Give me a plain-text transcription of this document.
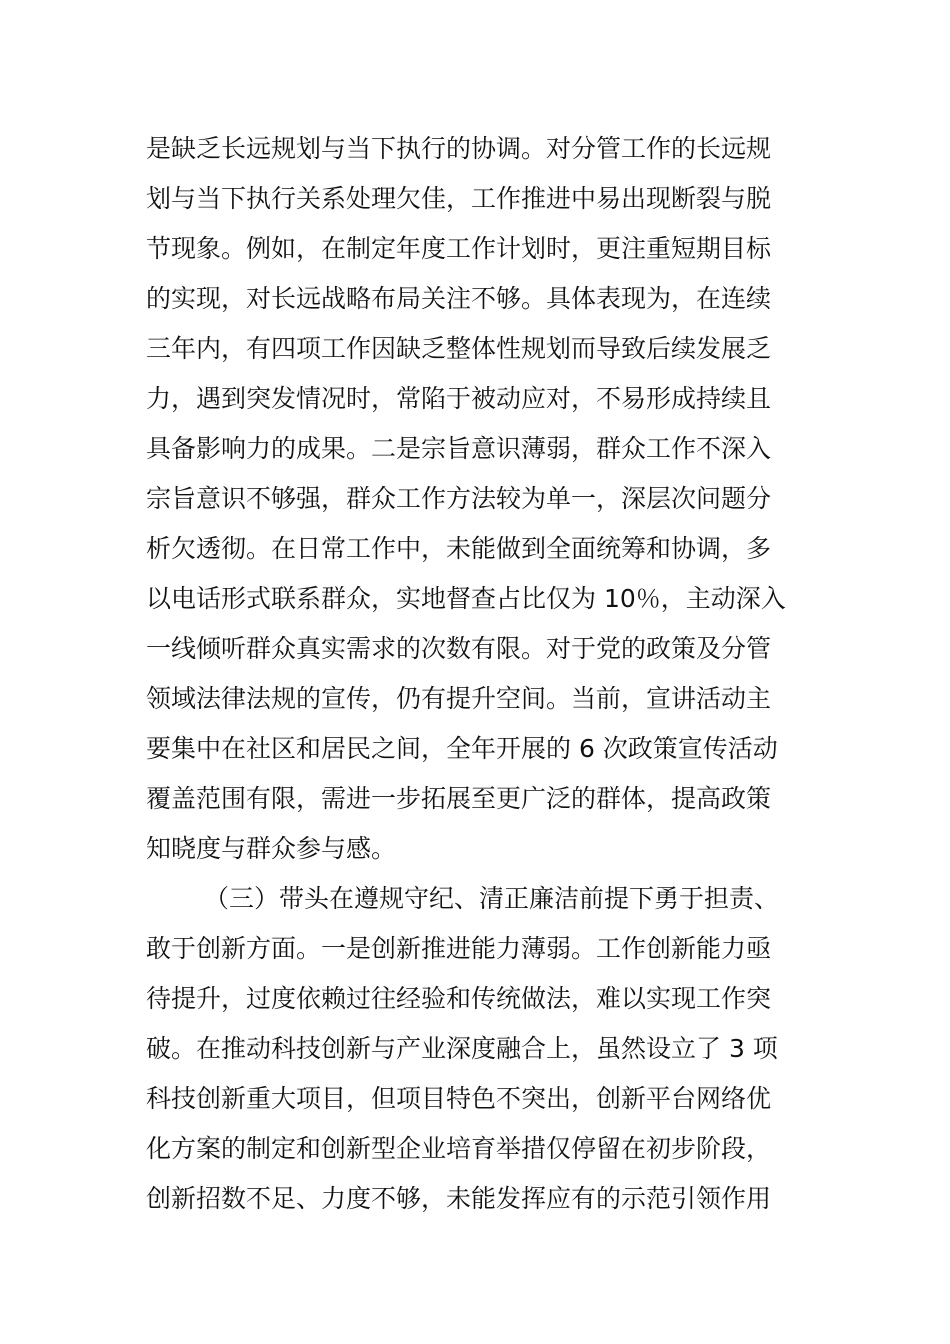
是缺乏长远规划与当下执行的协调。对分管工作的长远规
划与当下执行关系处理欠佳，工作推进中易出现断裂与脱
节现象。例如，在制定年度工作计划时，更注重短期目标
的实现，对长远战略布局关注不够。具体表现为，在连续
三年内，有四项工作因缺乏整体性规划而导致后续发展乏
力，遇到突发情况时，常陷于被动应对，不易形成持续且
具备影响力的成果。二是宗旨意识薄弱，群众工作不深入
宗旨意识不够强，群众工作方法较为单一，深层次问题分
析欠透彻。在日常工作中，未能做到全面统筹和协调，多
以电话形式联系群众，实地督查占比仅为 10％，主动深入
一线倾听群众真实需求的次数有限。对于党的政策及分管
领域法律法规的宣传，仍有提升空间。当前，宣讲活动主
要集中在社区和居民之间，全年开展的 6 次政策宣传活动
覆盖范围有限，需进一步拓展至更广泛的群体，提高政策
知晓度与群众参与感。
（三）带头在遵规守纪、清正廉洁前提下勇于担责、
敢于创新方面。一是创新推进能力薄弱。工作创新能力亟
待提升，过度依赖过往经验和传统做法，难以实现工作突
破。在推动科技创新与产业深度融合上，虽然设立了 3 项
科技创新重大项目，但项目特色不突出，创新平台网络优
化方案的制定和创新型企业培育举措仅停留在初步阶段，
创新招数不足、力度不够，未能发挥应有的示范引领作用
